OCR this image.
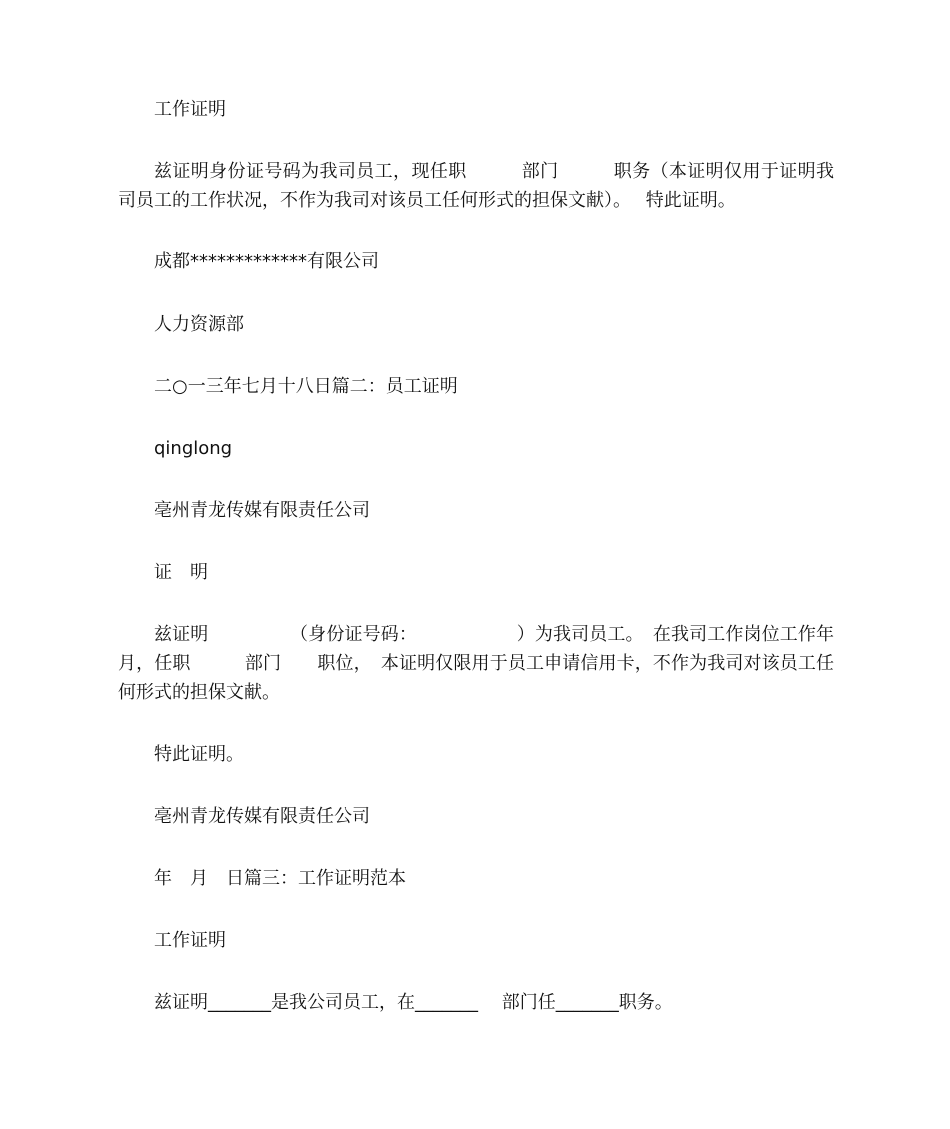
工作证明
兹证明身份证号码为我司员工，现任职　　　部门　　　职务（本证明仅用于证明我司员工的工作状况，不作为我司对该员工任何形式的担保文献）。　 特此证明。
成都*************有限公司
人力资源部
二○一三年七月十八日篇二：员工证明
qinglong
亳州青龙传媒有限责任公司
证　明
兹证明　　　　　（身份证号码：　　　　　　）为我司员工。　在我司工作岗位工作年　　月，任职　　　部门　　职位，　本证明仅限用于员工申请信用卡，不作为我司对该员工任何形式的担保文献。
特此证明。
亳州青龙传媒有限责任公司
年　月　日篇三：工作证明范本
工作证明
兹证明_______是我公司员工，在_______　 部门任_______职务。
